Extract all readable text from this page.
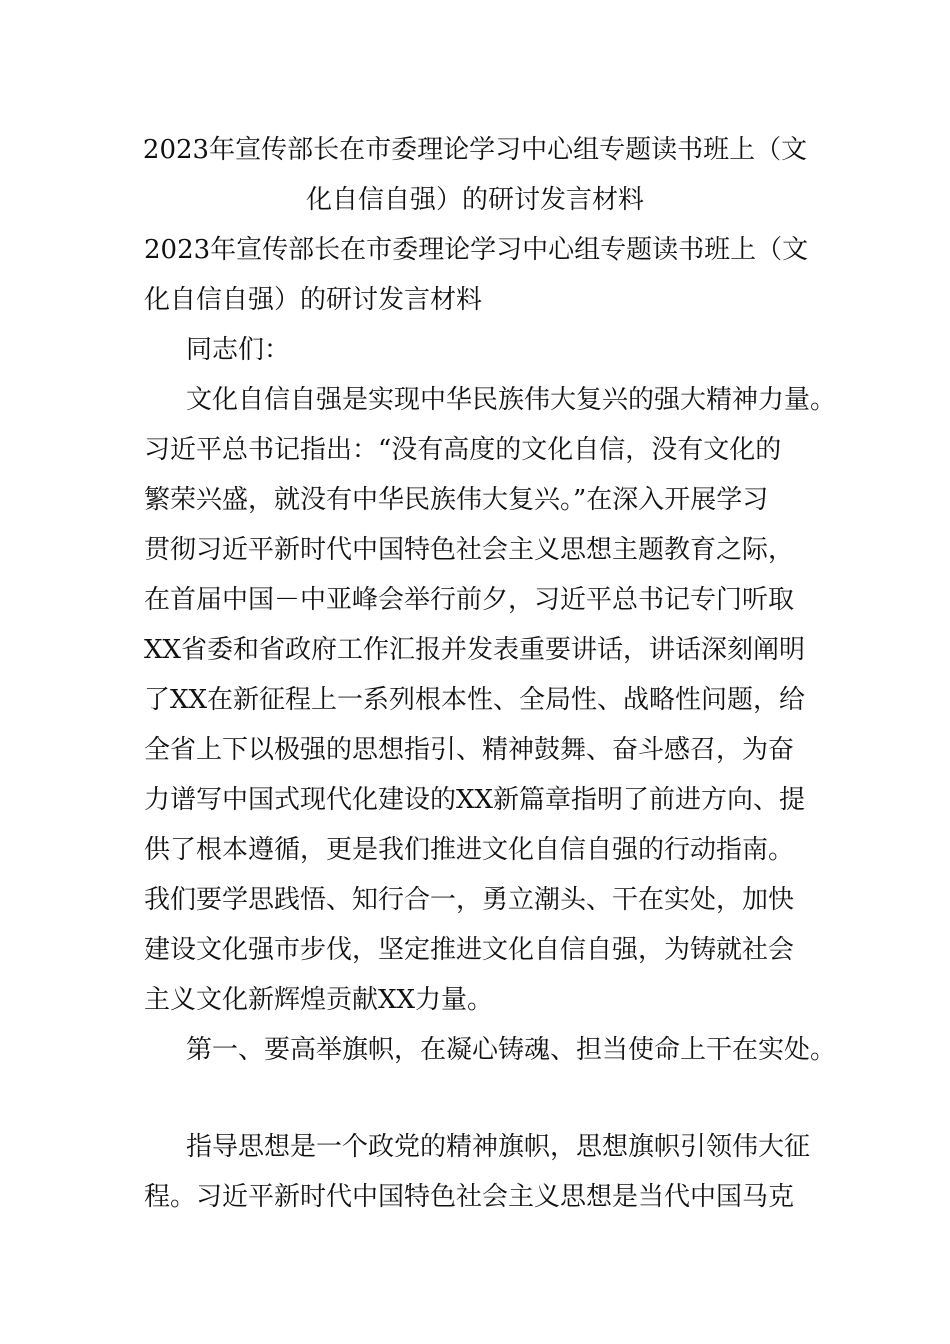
2023年宣传部长在市委理论学习中心组专题读书班上（文
化自信自强）的研讨发言材料
2023年宣传部长在市委理论学习中心组专题读书班上（文
化自信自强）的研讨发言材料
同志们：
文化自信自强是实现中华民族伟大复兴的强大精神力量。
习近平总书记指出：“没有高度的文化自信，没有文化的
繁荣兴盛，就没有中华民族伟大复兴。”在深入开展学习
贯彻习近平新时代中国特色社会主义思想主题教育之际，
在首届中国－中亚峰会举行前夕，习近平总书记专门听取
XX省委和省政府工作汇报并发表重要讲话，讲话深刻阐明
了XX在新征程上一系列根本性、全局性、战略性问题，给
全省上下以极强的思想指引、精神鼓舞、奋斗感召，为奋
力谱写中国式现代化建设的XX新篇章指明了前进方向、提
供了根本遵循，更是我们推进文化自信自强的行动指南。
我们要学思践悟、知行合一，勇立潮头、干在实处，加快
建设文化强市步伐，坚定推进文化自信自强，为铸就社会
主义文化新辉煌贡献XX力量。
第一、要高举旗帜，在凝心铸魂、担当使命上干在实处。
指导思想是一个政党的精神旗帜，思想旗帜引领伟大征
程。习近平新时代中国特色社会主义思想是当代中国马克
